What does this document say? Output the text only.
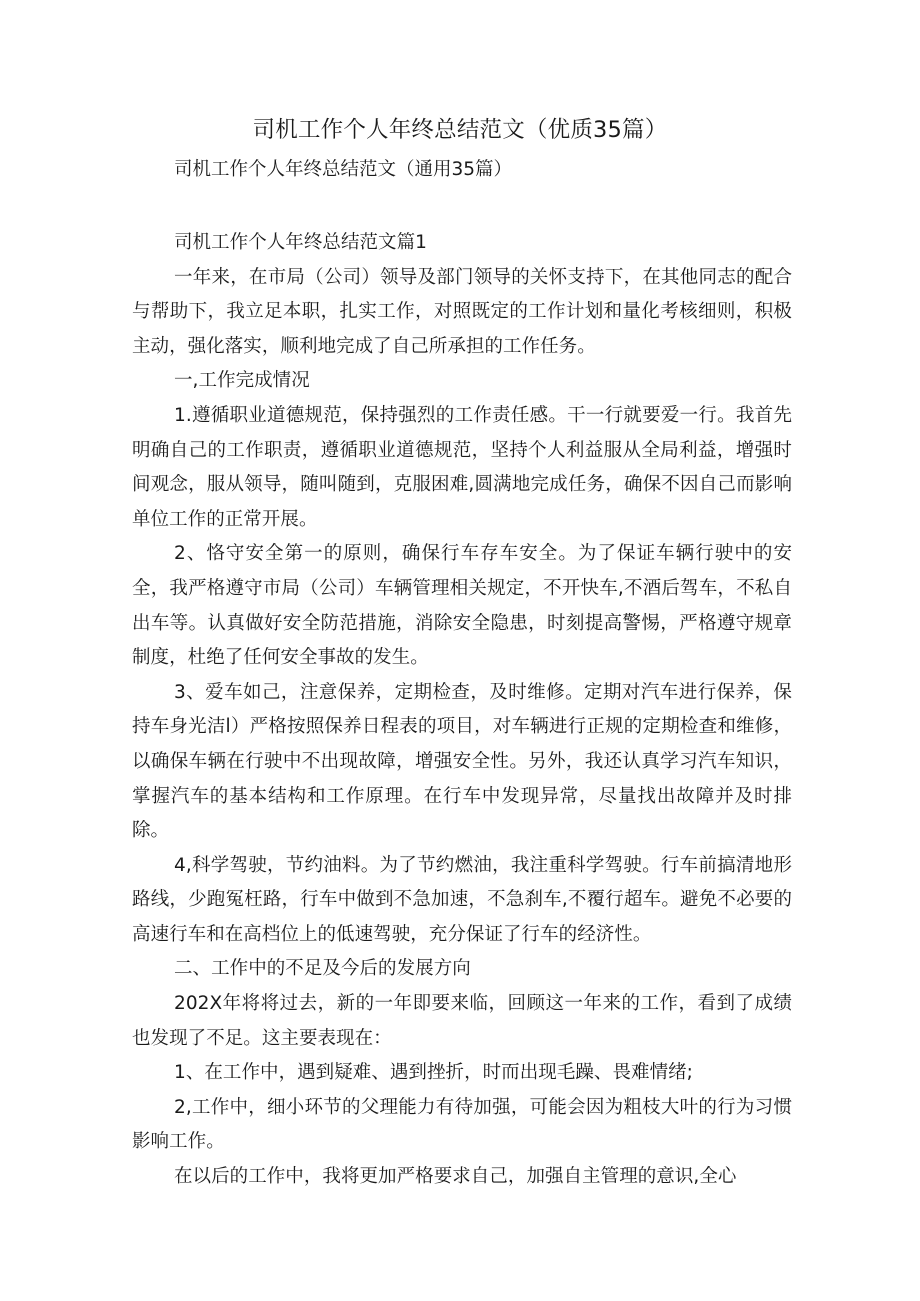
司机工作个人年终总结范文（优质35篇）

司机工作个人年终总结范文（通用35篇）

司机工作个人年终总结范文篇1

一年来，在市局（公司）领导及部门领导的关怀支持下，在其他同志的配合与帮助下，我立足本职，扎实工作，对照既定的工作计划和量化考核细则，积极主动，强化落实，顺利地完成了自己所承担的工作任务。

一,工作完成情况

1.遵循职业道德规范，保持强烈的工作责任感。干一行就要爱一行。我首先明确自己的工作职责，遵循职业道德规范，坚持个人利益服从全局利益，增强时间观念，服从领导，随叫随到，克服困难,圆满地完成任务，确保不因自己而影响单位工作的正常开展。

2、恪守安全第一的原则，确保行车存车安全。为了保证车辆行驶中的安全，我严格遵守市局（公司）车辆管理相关规定，不开快车,不酒后驾车，不私自出车等。认真做好安全防范措施，消除安全隐患，时刻提高警惕，严格遵守规章制度，杜绝了任何安全事故的发生。

3、爱车如己，注意保养，定期检查，及时维修。定期对汽车进行保养，保持车身光洁l）严格按照保养日程表的项目，对车辆进行正规的定期检查和维修，以确保车辆在行驶中不出现故障，增强安全性。另外，我还认真学习汽车知识，掌握汽车的基本结构和工作原理。在行车中发现异常，尽量找出故障并及时排除。

4,科学驾驶，节约油料。为了节约燃油，我注重科学驾驶。行车前搞清地形路线，少跑冤枉路，行车中做到不急加速，不急刹车,不覆行超车。避免不必要的高速行车和在高档位上的低速驾驶，充分保证了行车的经济性。

二、工作中的不足及今后的发展方向

202X年将将过去，新的一年即要来临，回顾这一年来的工作，看到了成绩也发现了不足。这主要表现在：

1、在工作中，遇到疑难、遇到挫折，时而出现毛躁、畏难情绪;

2,工作中，细小环节的父理能力有待加强，可能会因为粗枝大叶的行为习惯影响工作。

在以后的工作中，我将更加严格要求自己，加强自主管理的意识,全心
